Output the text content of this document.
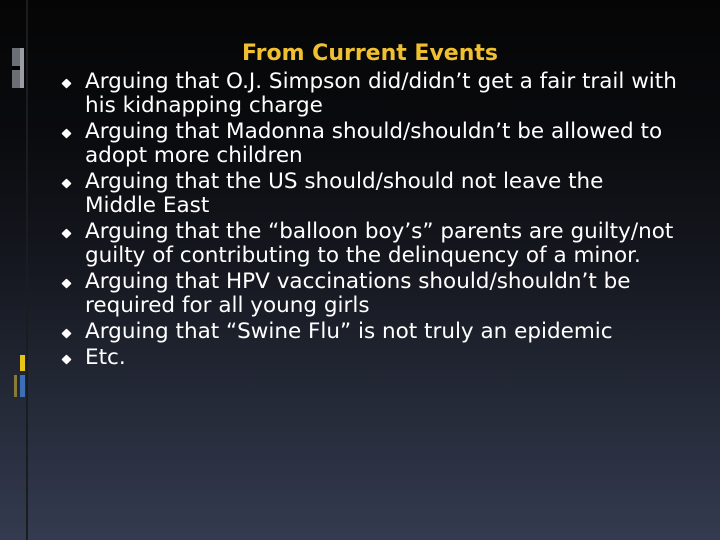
From Current Events
Arguing that O.J. Simpson did/didn’t get a fair trail with his kidnapping charge
Arguing that Madonna should/shouldn’t be allowed to adopt more children
Arguing that the US should/should not leave the Middle East
Arguing that the “balloon boy’s” parents are guilty/not guilty of contributing to the delinquency of a minor.
Arguing that HPV vaccinations should/shouldn’t be required for all young girls
Arguing that “Swine Flu” is not truly an epidemic
Etc.
